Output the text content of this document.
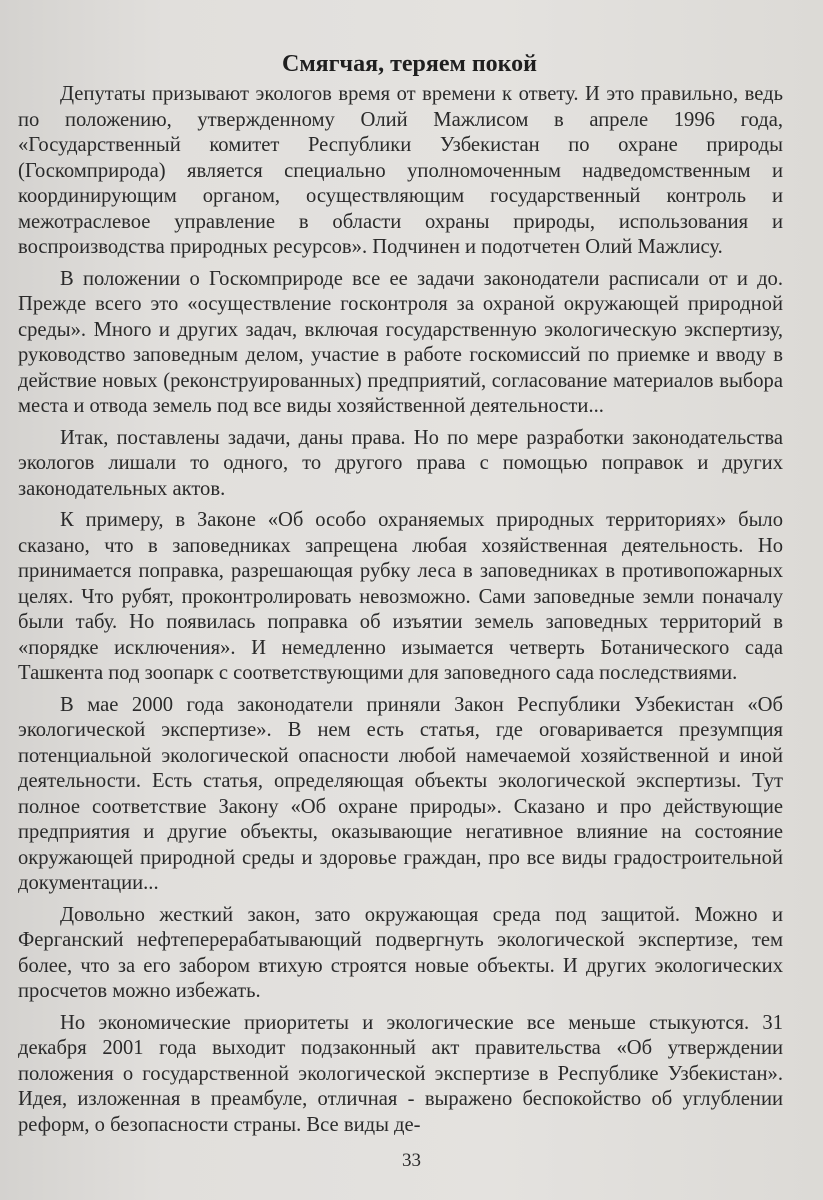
Смягчая, теряем покой

Депутаты призывают экологов время от времени к ответу. И это правильно, ведь по положению, утвержденному Олий Мажлисом в апреле 1996 года, «Государственный комитет Республики Узбекистан по охране природы (Госкомприрода) является специально уполномоченным надведомственным и координирующим органом, осуществляющим государственный контроль и межотраслевое управление в области охраны природы, использования и воспроизводства природных ресурсов». Подчинен и подотчетен Олий Мажлису.

В положении о Госкомприроде все ее задачи законодатели расписали от и до. Прежде всего это «осуществление госконтроля за охраной окружающей природной среды». Много и других задач, включая государственную экологическую экспертизу, руководство заповедным делом, участие в работе госкомиссий по приемке и вводу в действие новых (реконструированных) предприятий, согласование материалов выбора места и отвода земель под все виды хозяйственной деятельности...

Итак, поставлены задачи, даны права. Но по мере разработки законодательства экологов лишали то одного, то другого права с помощью поправок и других законодательных актов.

К примеру, в Законе «Об особо охраняемых природных территориях» было сказано, что в заповедниках запрещена любая хозяйственная деятельность. Но принимается поправка, разрешающая рубку леса в заповедниках в противопожарных целях. Что рубят, проконтролировать невозможно. Сами заповедные земли поначалу были табу. Но появилась поправка об изъятии земель заповедных территорий в «порядке исключения». И немедленно изымается четверть Ботанического сада Ташкента под зоопарк с соответствующими для заповедного сада последствиями.

В мае 2000 года законодатели приняли Закон Республики Узбекистан «Об экологической экспертизе». В нем есть статья, где оговаривается презумпция потенциальной экологической опасности любой намечаемой хозяйственной и иной деятельности. Есть статья, определяющая объекты экологической экспертизы. Тут полное соответствие Закону «Об охране природы». Сказано и про действующие предприятия и другие объекты, оказывающие негативное влияние на состояние окружающей природной среды и здоровье граждан, про все виды градостроительной документации...

Довольно жесткий закон, зато окружающая среда под защитой. Можно и Ферганский нефтеперерабатывающий подвергнуть экологической экспертизе, тем более, что за его забором втихую строятся новые объекты. И других экологических просчетов можно избежать.

Но экономические приоритеты и экологические все меньше стыкуются. 31 декабря 2001 года выходит подзаконный акт правительства «Об утверждении положения о государственной экологической экспертизе в Республике Узбекистан». Идея, изложенная в преамбуле, отличная - выражено беспокойство об углублении реформ, о безопасности страны. Все виды де-

33
